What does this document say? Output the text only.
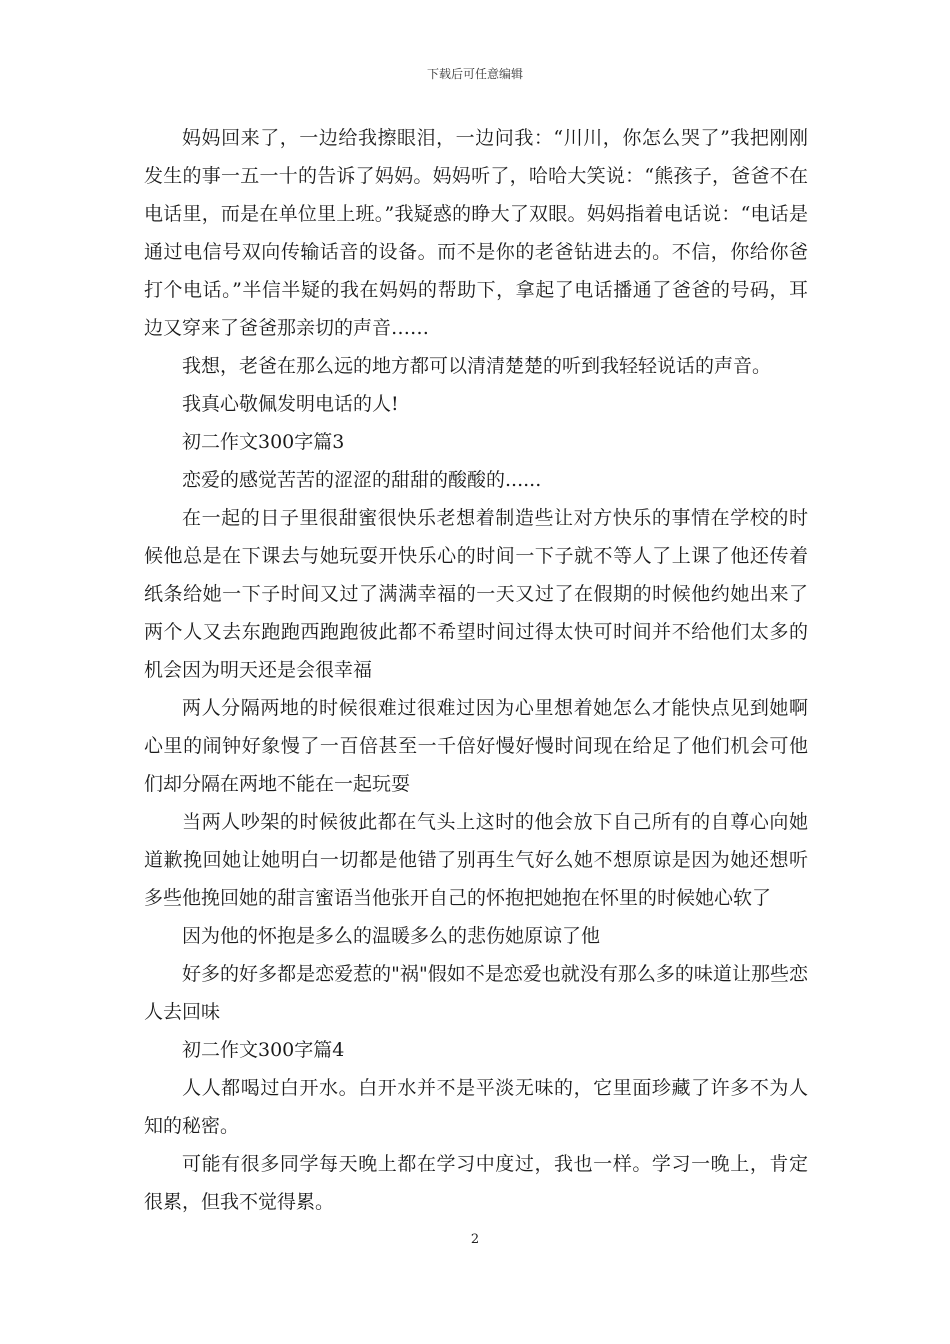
下载后可任意编辑

妈妈回来了，一边给我擦眼泪，一边问我：“川川，你怎么哭了”我把刚刚发生的事一五一十的告诉了妈妈。妈妈听了，哈哈大笑说：“熊孩子，爸爸不在电话里，而是在单位里上班。”我疑惑的睁大了双眼。妈妈指着电话说：“电话是通过电信号双向传输话音的设备。而不是你的老爸钻进去的。不信，你给你爸打个电话。”半信半疑的我在妈妈的帮助下，拿起了电话播通了爸爸的号码，耳边又穿来了爸爸那亲切的声音……

我想，老爸在那么远的地方都可以清清楚楚的听到我轻轻说话的声音。

我真心敬佩发明电话的人!

初二作文300字篇3

恋爱的感觉苦苦的涩涩的甜甜的酸酸的......

在一起的日子里很甜蜜很快乐老想着制造些让对方快乐的事情在学校的时候他总是在下课去与她玩耍开快乐心的时间一下子就不等人了上课了他还传着纸条给她一下子时间又过了满满幸福的一天又过了在假期的时候他约她出来了两个人又去东跑跑西跑跑彼此都不希望时间过得太快可时间并不给他们太多的机会因为明天还是会很幸福

两人分隔两地的时候很难过很难过因为心里想着她怎么才能快点见到她啊心里的闹钟好象慢了一百倍甚至一千倍好慢好慢时间现在给足了他们机会可他们却分隔在两地不能在一起玩耍

当两人吵架的时候彼此都在气头上这时的他会放下自己所有的自尊心向她道歉挽回她让她明白一切都是他错了别再生气好么她不想原谅是因为她还想听多些他挽回她的甜言蜜语当他张开自己的怀抱把她抱在怀里的时候她心软了

因为他的怀抱是多么的温暖多么的悲伤她原谅了他

好多的好多都是恋爱惹的"祸"假如不是恋爱也就没有那么多的味道让那些恋人去回味

初二作文300字篇4

人人都喝过白开水。白开水并不是平淡无味的，它里面珍藏了许多不为人知的秘密。

可能有很多同学每天晚上都在学习中度过，我也一样。学习一晚上，肯定很累，但我不觉得累。

2
